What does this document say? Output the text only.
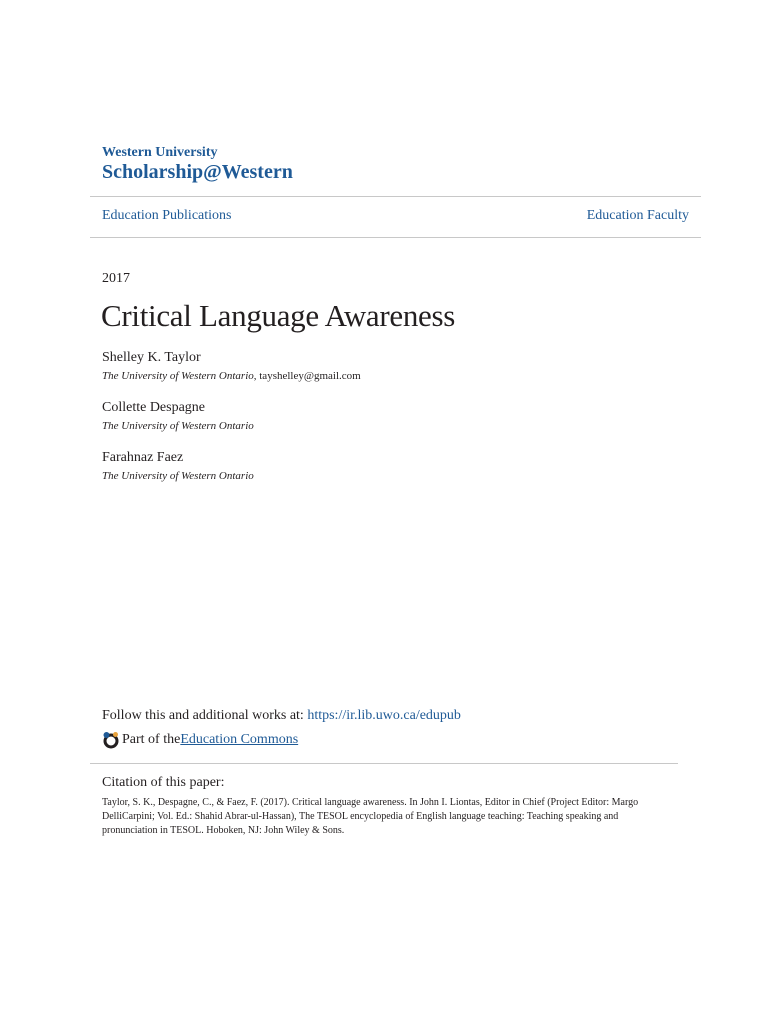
Western University
Scholarship@Western
Education Publications	Education Faculty
2017
Critical Language Awareness
Shelley K. Taylor
The University of Western Ontario, tayshelley@gmail.com
Collette Despagne
The University of Western Ontario
Farahnaz Faez
The University of Western Ontario
Follow this and additional works at: https://ir.lib.uwo.ca/edupub
Part of the Education Commons
Citation of this paper:
Taylor, S. K., Despagne, C., & Faez, F. (2017). Critical language awareness. In John I. Liontas, Editor in Chief (Project Editor: Margo DelliCarpini; Vol. Ed.: Shahid Abrar-ul-Hassan), The TESOL encyclopedia of English language teaching: Teaching speaking and pronunciation in TESOL. Hoboken, NJ: John Wiley & Sons.
